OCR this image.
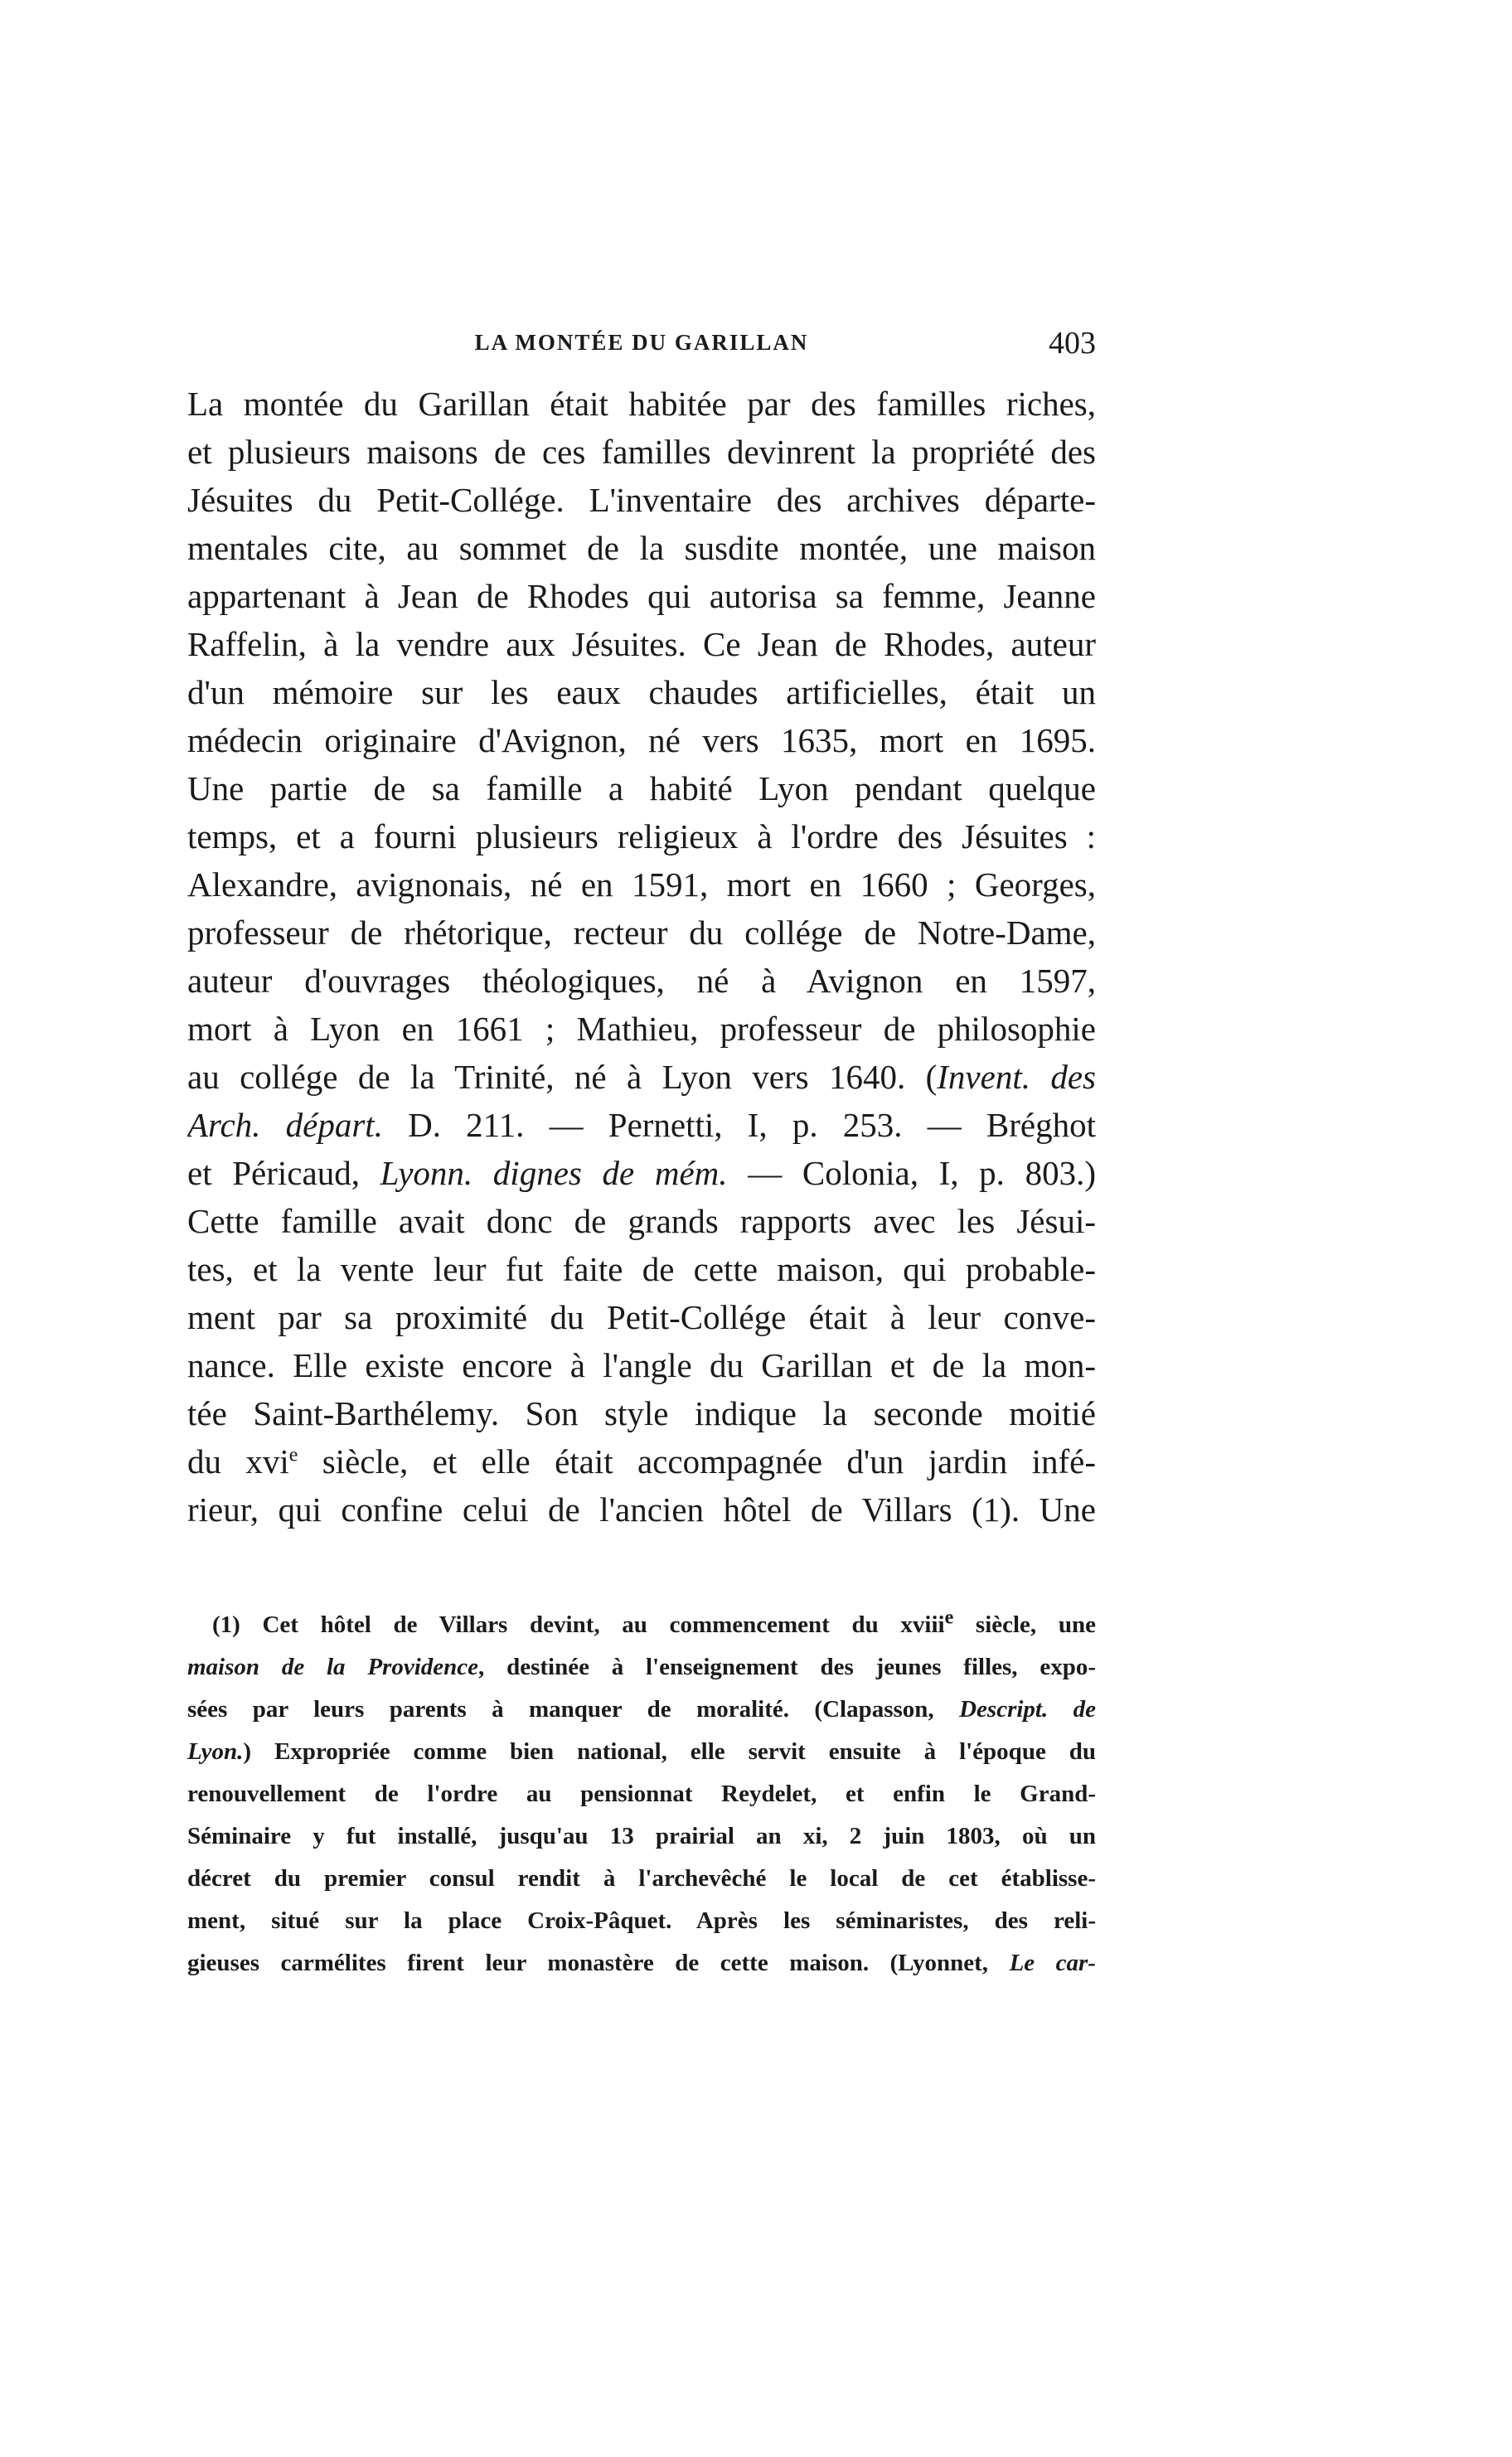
LA MONTÉE DU GARILLAN	403
La montée du Garillan était habitée par des familles riches,
et plusieurs maisons de ces familles devinrent la propriété des
Jésuites du Petit-Collége. L'inventaire des archives départe-
mentales cite, au sommet de la susdite montée, une maison
appartenant à Jean de Rhodes qui autorisa sa femme, Jeanne
Raffelin, à la vendre aux Jésuites. Ce Jean de Rhodes, auteur
d'un mémoire sur les eaux chaudes artificielles, était un
médecin originaire d'Avignon, né vers 1635, mort en 1695.
Une partie de sa famille a habité Lyon pendant quelque
temps, et a fourni plusieurs religieux à l'ordre des Jésuites :
Alexandre, avignonais, né en 1591, mort en 1660 ; Georges,
professeur de rhétorique, recteur du collége de Notre-Dame,
auteur d'ouvrages théologiques, né à Avignon en 1597,
mort à Lyon en 1661 ; Mathieu, professeur de philosophie
au collége de la Trinité, né à Lyon vers 1640. (Invent. des
Arch. départ. D. 211. — Pernetti, I, p. 253. — Bréghot
et Péricaud, Lyonn. dignes de mém. — Colonia, I, p. 803.)
Cette famille avait donc de grands rapports avec les Jésui-
tes, et la vente leur fut faite de cette maison, qui probable-
ment par sa proximité du Petit-Collége était à leur conve-
nance. Elle existe encore à l'angle du Garillan et de la mon-
tée Saint-Barthélemy. Son style indique la seconde moitié
du xvi$^e$ siècle, et elle était accompagnée d'un jardin infé-
rieur, qui confine celui de l'ancien hôtel de Villars (1). Une
(1) Cet hôtel de Villars devint, au commencement du xviii$^e$ siècle, une
maison de la Providence, destinée à l'enseignement des jeunes filles, expo-
sées par leurs parents à manquer de moralité. (Clapasson, Descript. de
Lyon.) Expropriée comme bien national, elle servit ensuite à l'époque du
renouvellement de l'ordre au pensionnat Reydelet, et enfin le Grand-
Séminaire y fut installé, jusqu'au 13 prairial an xi, 2 juin 1803, où un
décret du premier consul rendit à l'archevêché le local de cet établisse-
ment, situé sur la place Croix-Pâquet. Après les séminaristes, des reli-
gieuses carmélites firent leur monastère de cette maison. (Lyonnet, Le car-
